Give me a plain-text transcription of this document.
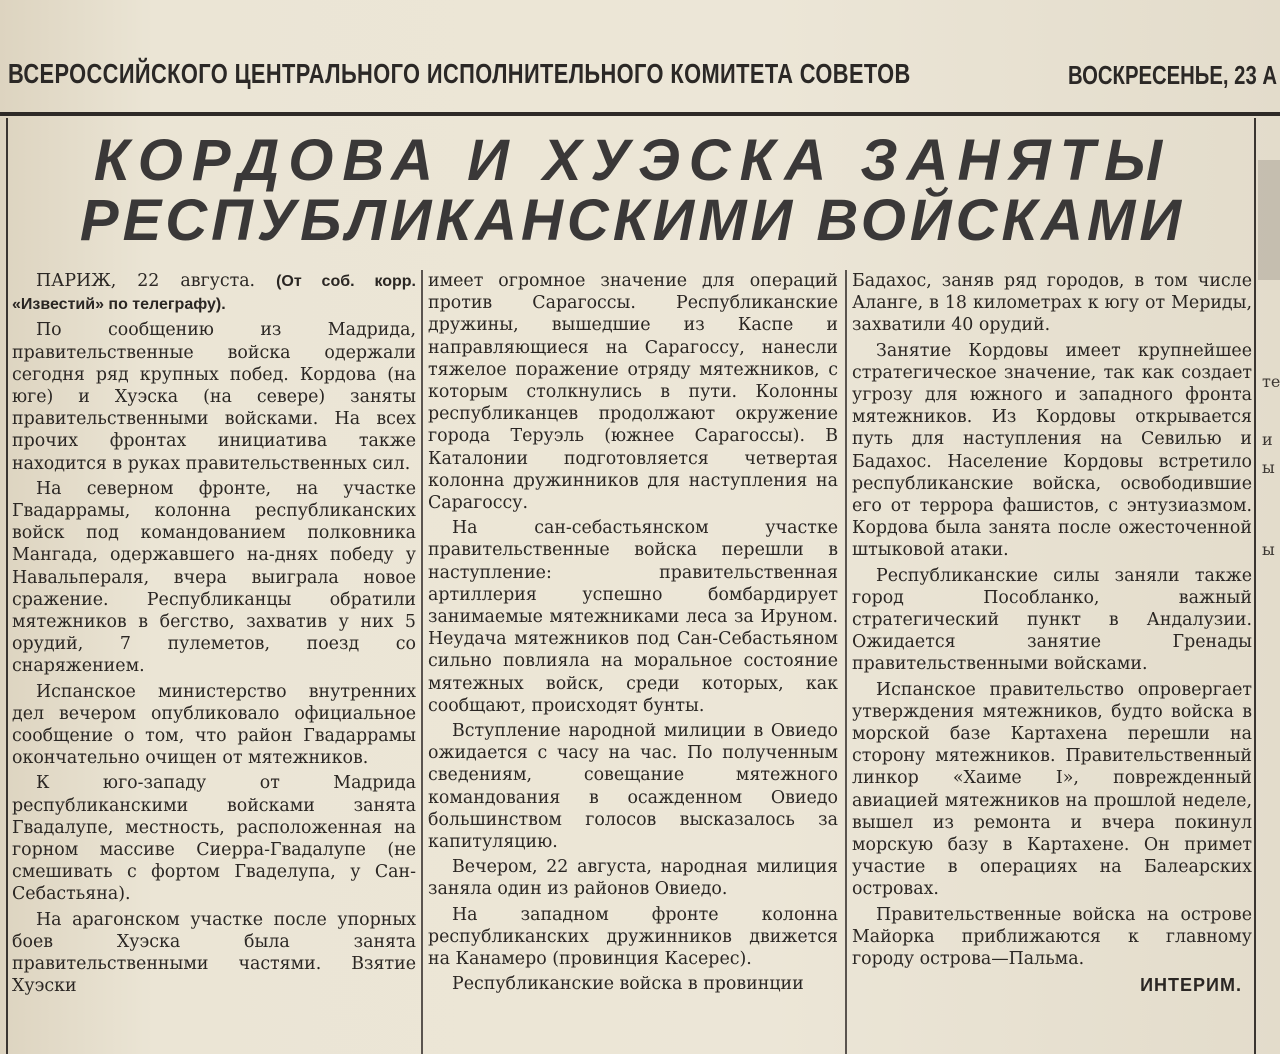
ВСЕРОССИЙСКОГО ЦЕНТРАЛЬНОГО ИСПОЛНИТЕЛЬНОГО КОМИТЕТА СОВЕТОВ	ВОСКРЕСЕНЬЕ, 23 А
КОРДОВА И ХУЭСКА ЗАНЯТЫ
РЕСПУБЛИКАНСКИМИ ВОЙСКАМИ

ПАРИЖ, 22 августа. (От соб. корр. «Известий» по телеграфу).

По сообщению из Мадрида, правительственные войска одержали сегодня ряд крупных побед. Кордова (на юге) и Хуэска (на севере) заняты правительственными войсками. На всех прочих фронтах инициатива также находится в руках правительственных сил.

На северном фронте, на участке Гвадаррамы, колонна республиканских войск под командованием полковника Мангада, одержавшего на-днях победу у Навальпераля, вчера выиграла новое сражение. Республиканцы обратили мятежников в бегство, захватив у них 5 орудий, 7 пулеметов, поезд со снаряжением.

Испанское министерство внутренних дел вечером опубликовало официальное сообщение о том, что район Гвадаррамы окончательно очищен от мятежников.

К юго-западу от Мадрида республиканскими войсками занята Гвадалупе, местность, расположенная на горном массиве Сиерра-Гвадалупе (не смешивать с фортом Гваделупа, у Сан-Себастьяна).

На арагонском участке после упорных боев Хуэска была занята правительственными частями. Взятие Хуэски

имеет огромное значение для операций против Сарагоссы. Республиканские дружины, вышедшие из Каспе и направляющиеся на Сарагоссу, нанесли тяжелое поражение отряду мятежников, с которым столкнулись в пути. Колонны республиканцев продолжают окружение города Теруэль (южнее Сарагоссы). В Каталонии подготовляется четвертая колонна дружинников для наступления на Сарагоссу.

На сан-себастьянском участке правительственные войска перешли в наступление: правительственная артиллерия успешно бомбардирует занимаемые мятежниками леса за Ируном. Неудача мятежников под Сан-Себастьяном сильно повлияла на моральное состояние мятежных войск, среди которых, как сообщают, происходят бунты.

Вступление народной милиции в Овиедо ожидается с часу на час. По полученным сведениям, совещание мятежного командования в осажденном Овиедо большинством голосов высказалось за капитуляцию.

Вечером, 22 августа, народная милиция заняла один из районов Овиедо.

На западном фронте колонна республиканских дружинников движется на Канамеро (провинция Касерес).

Республиканские войска в провинции

Бадахос, заняв ряд городов, в том числе Аланге, в 18 километрах к югу от Мериды, захватили 40 орудий.

Занятие Кордовы имеет крупнейшее стратегическое значение, так как создает угрозу для южного и западного фронта мятежников. Из Кордовы открывается путь для наступления на Севилью и Бадахос. Население Кордовы встретило республиканские войска, освободившие его от террора фашистов, с энтузиазмом. Кордова была занята после ожесточенной штыковой атаки.

Республиканские силы заняли также город Пособланко, важный стратегический пункт в Андалузии. Ожидается занятие Гренады правительственными войсками.

Испанское правительство опровергает утверждения мятежников, будто войска в морской базе Картахена перешли на сторону мятежников. Правительственный линкор «Хаиме I», поврежденный авиацией мятежников на прошлой неделе, вышел из ремонта и вчера покинул морскую базу в Картахене. Он примет участие в операциях на Балеарских островах.

Правительственные войска на острове Майорка приближаются к главному городу острова—Пальма.

ИНТЕРИМ.
те
и
ы
ы
